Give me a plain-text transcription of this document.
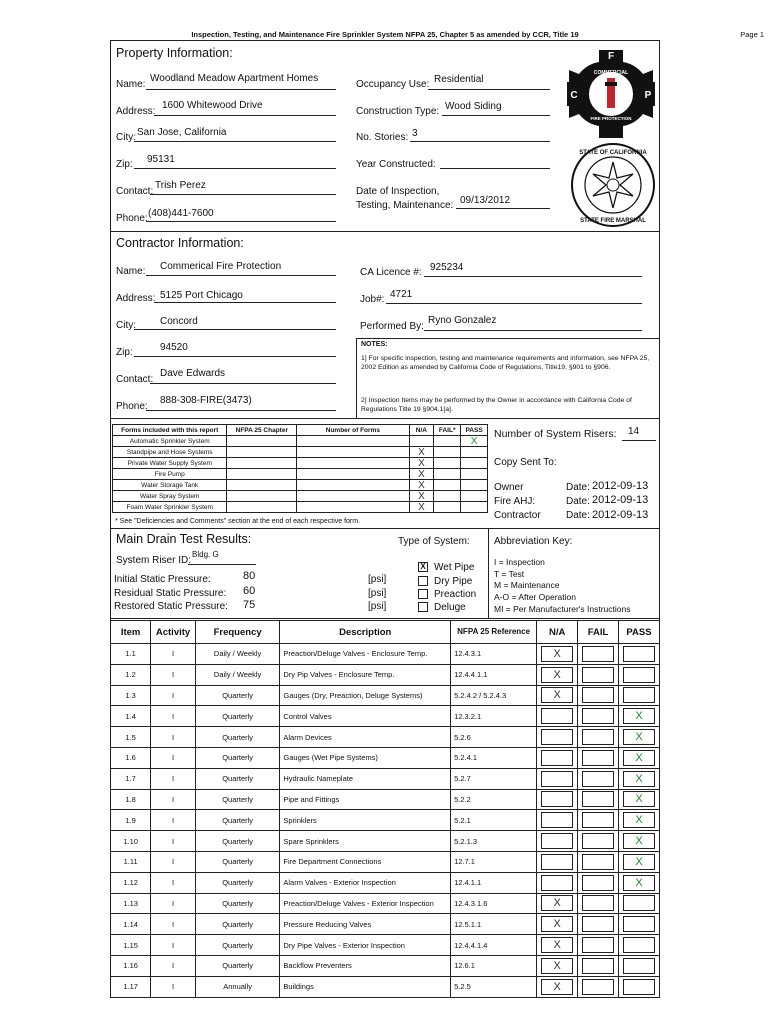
Inspection, Testing, and Maintenance Fire Sprinkler System NFPA 25, Chapter 5 as amended by CCR, Title 19	Page 1
Property Information:
Name:
Woodland Meadow Apartment Homes
Address:
1600 Whitewood Drive
City: San Jose, California
Zip: 95131
Contact:
Trish Perez
Phone: (408)441-7600
Occupancy Use: Residential
Construction Type: Wood Siding
No. Stories: 3
Year Constructed:
Date of Inspection,
Testing, Maintenance: 09/13/2012
F
C	P
COMMERCIAL
FIRE PROTECTION
STATE OF CALIFORNIA
STATE FIRE MARSHAL
Contractor Information:
Name: Commerical Fire Protection
Address: 5125 Port Chicago
City: Concord
Zip:	94520
Contact:
Dave Edwards
Phone:
888-308-FIRE(3473)
CA Licence #: 925234
Job#: 4721
Performed By:
Ryno Gonzalez
NOTES:
1] For specific inspection, testing and maintenance requirements and information, see NFPA 25, 2002 Edition as amended by California Code of Regulations, Title19, §901 to §906.
2] Inspection Items may be performed by the Owner in accordance with California Code of Regulations Title 19 §904.1[a].
Forms included with this report	NFPA 25 Chapter	Number of Forms	N/A	FAIL*	PASS
Automatic Sprinkler System					X
Standpipe and Hose Systems			X		
Private Water Supply System			X		
Fire Pump			X		
Water Storage Tank			X		
Water Spray System			X		
Foam Water Sprinkler System			X		
* See "Deficiencies and Comments" section at the end of each respective form.
Number of System Risers: 14
Copy Sent To:
Owner	Date: 2012-09-13
Fire AHJ:	Date: 2012-09-13
Contractor	Date: 2012-09-13
Main Drain Test Results:
System Riser ID:
Bldg. G
Initial Static Pressure:	80	[psi]
Residual Static Pressure: 60	[psi]
Restored Static Pressure: 75	[psi]
Type of System:
X Wet Pipe
Dry Pipe
Preaction
Deluge
Abbreviation Key:
I = Inspection
T = Test
M = Maintenance
A-O = After Operation
MI = Per Manufacturer's Instructions
Item	Activity	Frequency	Description	NFPA 25 Reference	N/A	FAIL	PASS
1.1	I	Daily / Weekly	Preaction/Deluge Valves - Enclosure Temp.	12.4.3.1	X		
1.2	I	Daily / Weekly	Dry Pip Valves - Enclosure Temp.	12.4.4.1.1	X		
1.3	I	Quarterly	Gauges (Dry, Preaction, Deluge Systems)	5.2.4.2 / 5.2.4.3	X		
1.4	I	Quarterly	Control Valves	12.3.2.1			X
1.5	I	Quarterly	Alarm Devices	5.2.6			X
1.6	I	Quarterly	Gauges (Wet Pipe Systems)	5.2.4.1			X
1.7	I	Quarterly	Hydraulic Nameplate	5.2.7			X
1.8	I	Quarterly	Pipe and Fittings	5.2.2			X
1.9	I	Quarterly	Sprinklers	5.2.1			X
1.10	I	Quarterly	Spare Sprinklers	5.2.1.3			X
1.11	I	Quarterly	Fire Department Connections	12.7.1			X
1.12	I	Quarterly	Alarm Valves - Exterior Inspection	12.4.1.1			X
1.13	I	Quarterly	Preaction/Deluge Valves - Exterior Inspection	12.4.3.1.6	X		
1.14	I	Quarterly	Pressure Reducing Valves	12.5.1.1	X		
1.15	I	Quarterly	Dry Pipe Valves - Exterior Inspection	12.4.4.1.4	X		
1.16	I	Quarterly	Backflow Preventers	12.6.1	X		
1.17	I	Annually	Buildings	5.2.5	X		
